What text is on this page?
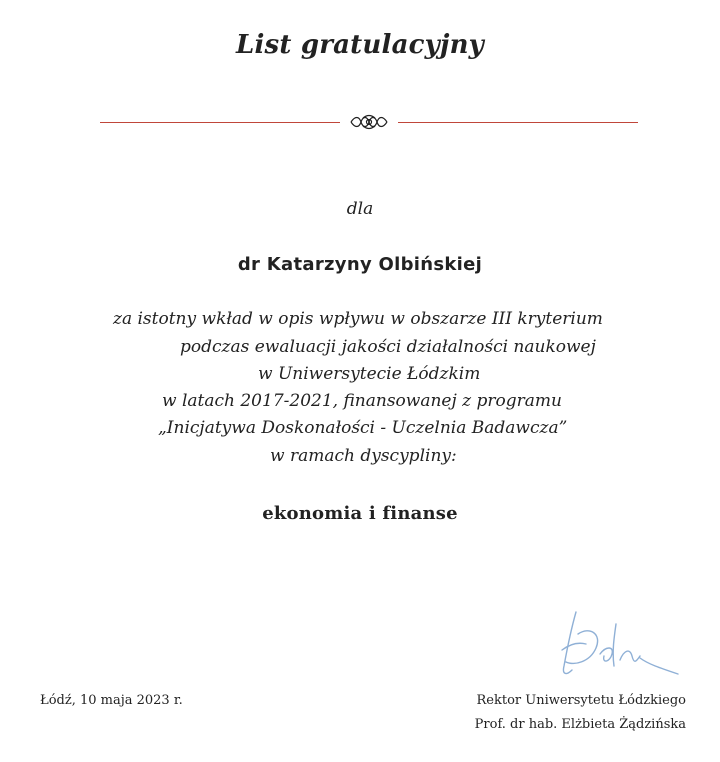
List gratulacyjny
dla
dr Katarzyny Olbińskiej
za istotny wkład w opis wpływu w obszarze III kryterium
podczas ewaluacji jakości działalności naukowej
w Uniwersytecie Łódzkim
w latach 2017-2021, finansowanej z programu
„Inicjatywa Doskonałości - Uczelnia Badawcza”
w ramach dyscypliny:
ekonomia i finanse
Łódź, 10 maja 2023 r.	Rektor Uniwersytetu Łódzkiego
Prof. dr hab. Elżbieta Żądzińska
